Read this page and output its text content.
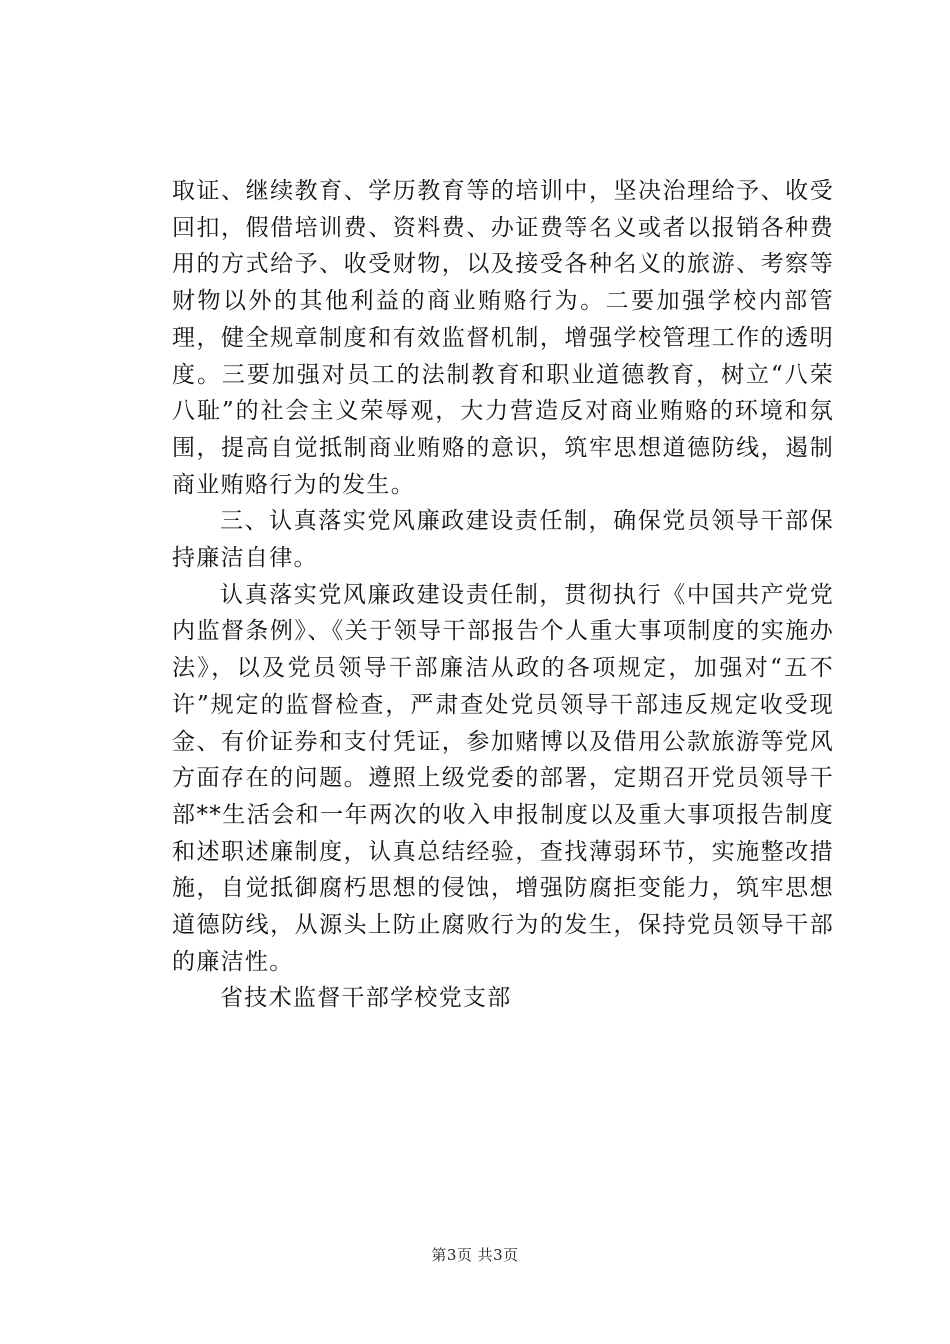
取证、继续教育、学历教育等的培训中，坚决治理给予、收受回扣，假借培训费、资料费、办证费等名义或者以报销各种费用的方式给予、收受财物，以及接受各种名义的旅游、考察等财物以外的其他利益的商业贿赂行为。二要加强学校内部管理，健全规章制度和有效监督机制，增强学校管理工作的透明度。三要加强对员工的法制教育和职业道德教育，树立“八荣八耻”的社会主义荣辱观，大力营造反对商业贿赂的环境和氛围，提高自觉抵制商业贿赂的意识，筑牢思想道德防线，遏制商业贿赂行为的发生。

三、认真落实党风廉政建设责任制，确保党员领导干部保持廉洁自律。

认真落实党风廉政建设责任制，贯彻执行《中国共产党党内监督条例》、《关于领导干部报告个人重大事项制度的实施办法》，以及党员领导干部廉洁从政的各项规定，加强对“五不许”规定的监督检查，严肃查处党员领导干部违反规定收受现金、有价证券和支付凭证，参加赌博以及借用公款旅游等党风方面存在的问题。遵照上级党委的部署，定期召开党员领导干部**生活会和一年两次的收入申报制度以及重大事项报告制度和述职述廉制度，认真总结经验，查找薄弱环节，实施整改措施，自觉抵御腐朽思想的侵蚀，增强防腐拒变能力，筑牢思想道德防线，从源头上防止腐败行为的发生，保持党员领导干部的廉洁性。

省技术监督干部学校党支部

第3页 共3页
